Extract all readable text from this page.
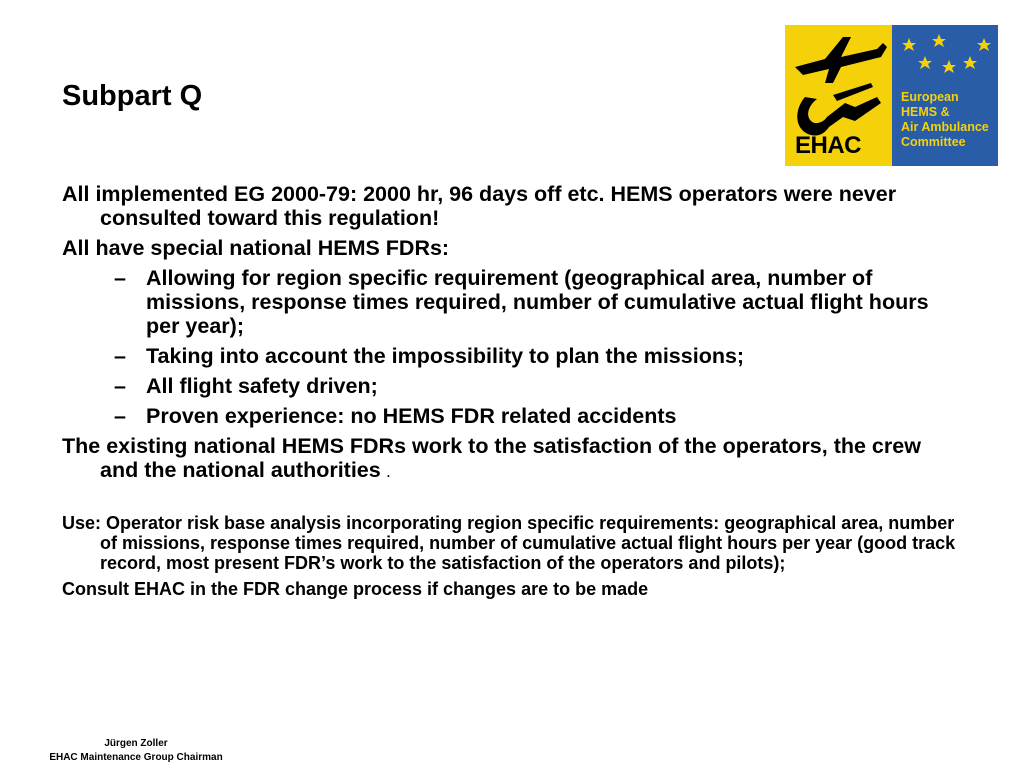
Subpart Q
EHAC
European
HEMS &
Air Ambulance
Committee

All implemented EG 2000-79: 2000 hr, 96 days off etc. HEMS operators were never consulted toward this regulation!

All have special national HEMS FDRs:

– Allowing for region specific requirement (geographical area, number of missions, response times required, number of cumulative actual flight hours per year);
– Taking into account the impossibility to plan the missions;
– All flight safety driven;
– Proven experience: no HEMS FDR related accidents

The existing national HEMS FDRs work to the satisfaction of the operators, the crew and the national authorities .

Use: Operator risk base analysis incorporating region specific requirements: geographical area, number of missions, response times required, number of cumulative actual flight hours per year (good track record, most present FDR’s work to the satisfaction of the operators and pilots);

Consult EHAC in the FDR change process if changes are to be made

Jürgen Zoller
EHAC Maintenance Group Chairman
